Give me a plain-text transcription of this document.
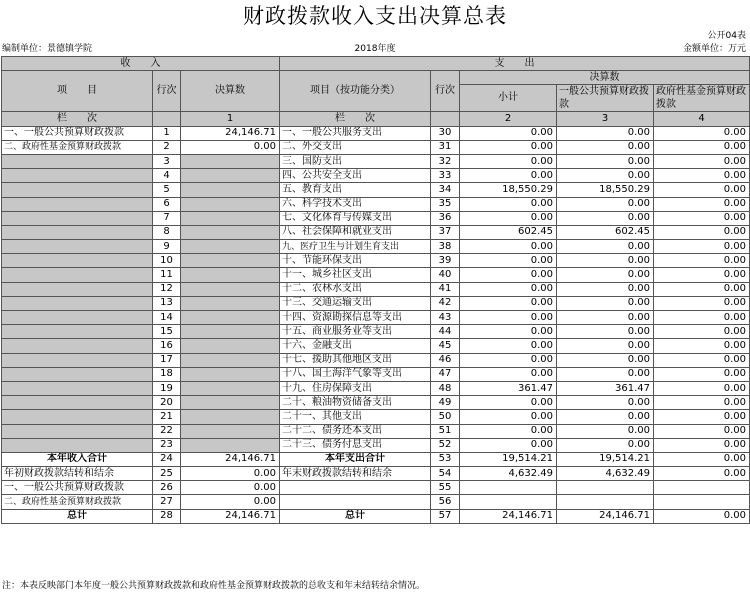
财政拨款收入支出决算总表
公开04表
编制单位：景德镇学院	2018年度	金额单位：万元
收　　入			支　　出				
项　　目	行次	决算数	项目（按功能分类）	行次	决算数		
					小计	一般公共预算财政拨款	政府性基金预算财政拨款

栏　　次		1	栏　　次		2	3	4
一、一般公共预算财政拨款	1	24,146.71	一、一般公共服务支出	30	0.00	0.00	0.00
二、政府性基金预算财政拨款	2	0.00	二、外交支出	31	0.00	0.00	0.00
	3		三、国防支出	32	0.00	0.00	0.00
	4		四、公共安全支出	33	0.00	0.00	0.00
	5		五、教育支出	34	18,550.29	18,550.29	0.00
	6		六、科学技术支出	35	0.00	0.00	0.00
	7		七、文化体育与传媒支出	36	0.00	0.00	0.00
	8		八、社会保障和就业支出	37	602.45	602.45	0.00
	9		九、医疗卫生与计划生育支出	38	0.00	0.00	0.00
	10		十、节能环保支出	39	0.00	0.00	0.00
	11		十一、城乡社区支出	40	0.00	0.00	0.00
	12		十二、农林水支出	41	0.00	0.00	0.00
	13		十三、交通运输支出	42	0.00	0.00	0.00
	14		十四、资源勘探信息等支出	43	0.00	0.00	0.00
	15		十五、商业服务业等支出	44	0.00	0.00	0.00
	16		十六、金融支出	45	0.00	0.00	0.00
	17		十七、援助其他地区支出	46	0.00	0.00	0.00
	18		十八、国土海洋气象等支出	47	0.00	0.00	0.00
	19		十九、住房保障支出	48	361.47	361.47	0.00
	20		二十、粮油物资储备支出	49	0.00	0.00	0.00
	21		二十一、其他支出	50	0.00	0.00	0.00
	22		二十二、债务还本支出	51	0.00	0.00	0.00
	23		二十三、债务付息支出	52	0.00	0.00	0.00
本年收入合计	24	24,146.71	本年支出合计	53	19,514.21	19,514.21	0.00
年初财政拨款结转和结余	25	0.00	年末财政拨款结转和结余	54	4,632.49	4,632.49	0.00
一、一般公共预算财政拨款	26	0.00		55			
二、政府性基金预算财政拨款	27	0.00		56			
总计	28	24,146.71	总计	57	24,146.71	24,146.71	0.00
注：本表反映部门本年度一般公共预算财政拨款和政府性基金预算财政拨款的总收支和年末结转结余情况。
